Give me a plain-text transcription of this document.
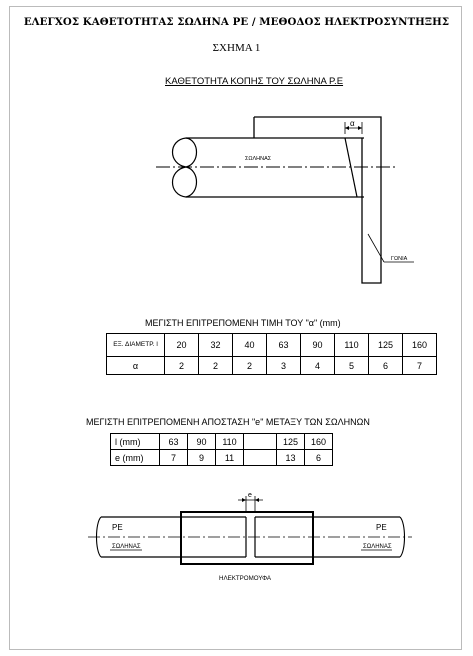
ΕΛΕΓΧΟΣ ΚΑΘΕΤΟΤΗΤΑΣ ΣΩΛΗΝΑ ΡΕ / ΜΕΘΟΔΟΣ ΗΛΕΚΤΡΟΣΥΝΤΗΞΗΣ
ΣΧΗΜΑ 1
ΚΑΘΕΤΟΤΗΤΑ ΚΟΠΗΣ ΤΟΥ ΣΩΛΗΝΑ Ρ.Ε
α
ΣΩΛΗΝΑΣ
ΓΩΝΙΑ
ΜΕΓΙΣΤΗ ΕΠΙΤΡΕΠΟΜΕΝΗ ΤΙΜΗ ΤΟΥ "α" (mm)
ΕΞ. ΔΙΑΜΕΤΡ. l	20	32	40	63	90	110	125	160
α	2	2	2	3	4	5	6	7
ΜΕΓΙΣΤΗ ΕΠΙΤΡΕΠΟΜΕΝΗ ΑΠΟΣΤΑΣΗ "e" ΜΕΤΑΞΥ ΤΩΝ ΣΩΛΗΝΩΝ
l (mm)	63	90	110		125	160
e (mm)	7	9	11		13	6
e
PE
ΣΩΛΗΝΑΣ
PE
ΣΩΛΗΝΑΣ
ΗΛΕΚΤΡΟΜΟΥΦΑ
